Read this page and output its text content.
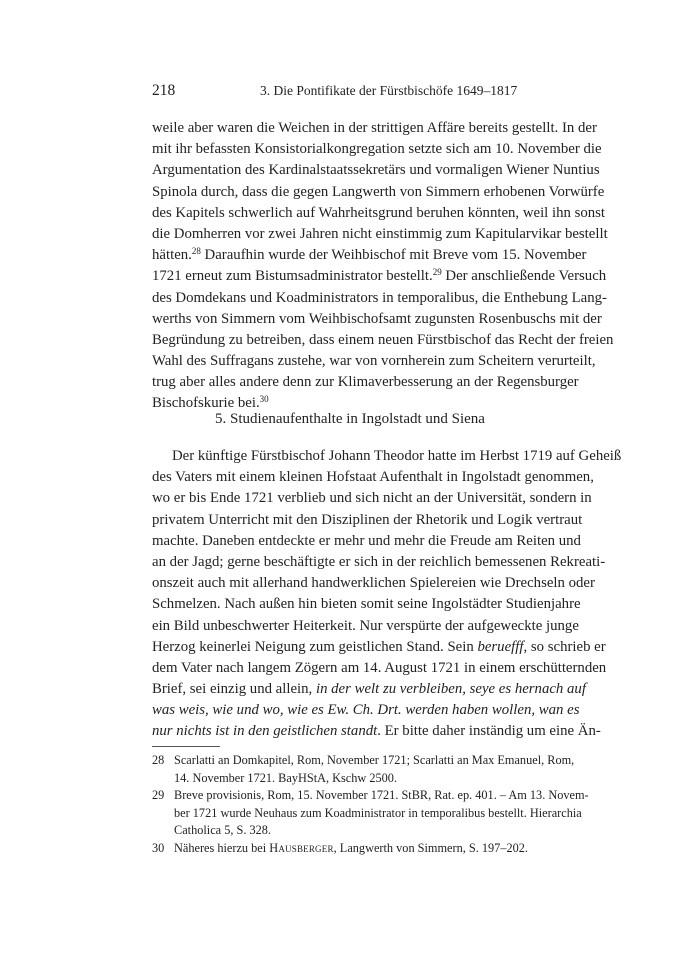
218	3. Die Pontifikate der Fürstbischöfe 1649–1817
weile aber waren die Weichen in der strittigen Affäre bereits gestellt. In der
mit ihr befassten Konsistorialkongregation setzte sich am 10. November die
Argumentation des Kardinalstaatssekretärs und vormaligen Wiener Nuntius
Spinola durch, dass die gegen Langwerth von Simmern erhobenen Vorwürfe
des Kapitels schwerlich auf Wahrheitsgrund beruhen könnten, weil ihn sonst
die Domherren vor zwei Jahren nicht einstimmig zum Kapitularvikar bestellt
hätten.$^{28}$ Daraufhin wurde der Weihbischof mit Breve vom 15. November
1721 erneut zum Bistumsadministrator bestellt.$^{29}$ Der anschließende Versuch
des Domdekans und Koadministrators in temporalibus, die Enthebung Lang-
werths von Simmern vom Weihbischofsamt zugunsten Rosenbuschs mit der
Begründung zu betreiben, dass einem neuen Fürstbischof das Recht der freien
Wahl des Suffragans zustehe, war von vornherein zum Scheitern verurteilt,
trug aber alles andere denn zur Klimaverbesserung an der Regensburger
Bischofskurie bei.$^{30}$
5. Studienaufenthalte in Ingolstadt und Siena
Der künftige Fürstbischof Johann Theodor hatte im Herbst 1719 auf Geheiß
des Vaters mit einem kleinen Hofstaat Aufenthalt in Ingolstadt genommen,
wo er bis Ende 1721 verblieb und sich nicht an der Universität, sondern in
privatem Unterricht mit den Disziplinen der Rhetorik und Logik vertraut
machte. Daneben entdeckte er mehr und mehr die Freude am Reiten und
an der Jagd; gerne beschäftigte er sich in der reichlich bemessenen Rekreati-
onszeit auch mit allerhand handwerklichen Spielereien wie Drechseln oder
Schmelzen. Nach außen hin bieten somit seine Ingolstädter Studienjahre
ein Bild unbeschwerter Heiterkeit. Nur verspürte der aufgeweckte junge
Herzog keinerlei Neigung zum geistlichen Stand. Sein beruefff, so schrieb er
dem Vater nach langem Zögern am 14. August 1721 in einem erschütternden
Brief, sei einzig und allein, in der welt zu verbleiben, seye es hernach auf
was weis, wie und wo, wie es Ew. Ch. Drt. werden haben wollen, wan es
nur nichts ist in den geistlichen standt. Er bitte daher inständig um eine Än-
28 Scarlatti an Domkapitel, Rom, November 1721; Scarlatti an Max Emanuel, Rom,
14. November 1721. BayHStA, Kschw 2500.
29 Breve provisionis, Rom, 15. November 1721. StBR, Rat. ep. 401. – Am 13. Novem-
ber 1721 wurde Neuhaus zum Koadministrator in temporalibus bestellt. Hierarchia
Catholica 5, S. 328.
30 Näheres hierzu bei Hausberger, Langwerth von Simmern, S. 197–202.
